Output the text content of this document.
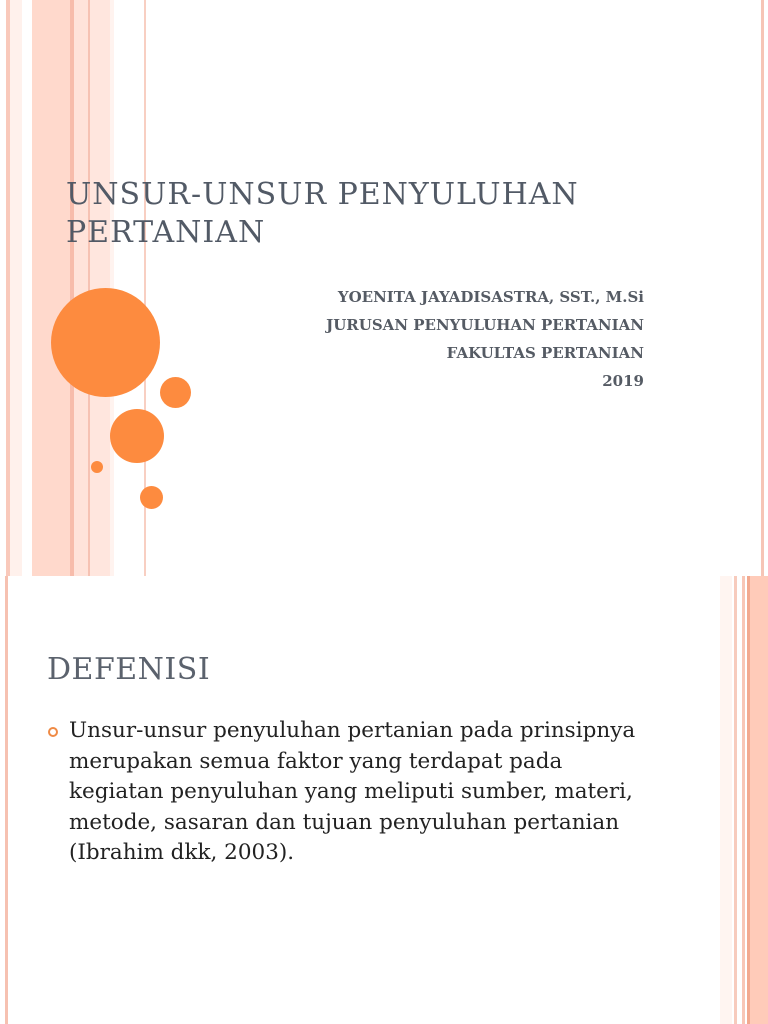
UNSUR-UNSUR PENYULUHAN PERTANIAN
YOENITA JAYADISASTRA, SST., M.Si
JURUSAN PENYULUHAN PERTANIAN
FAKULTAS PERTANIAN
2019
DEFENISI
Unsur-unsur penyuluhan pertanian pada prinsipnya merupakan semua faktor yang terdapat pada kegiatan penyuluhan yang meliputi sumber, materi, metode, sasaran dan tujuan penyuluhan pertanian (Ibrahim dkk, 2003).
